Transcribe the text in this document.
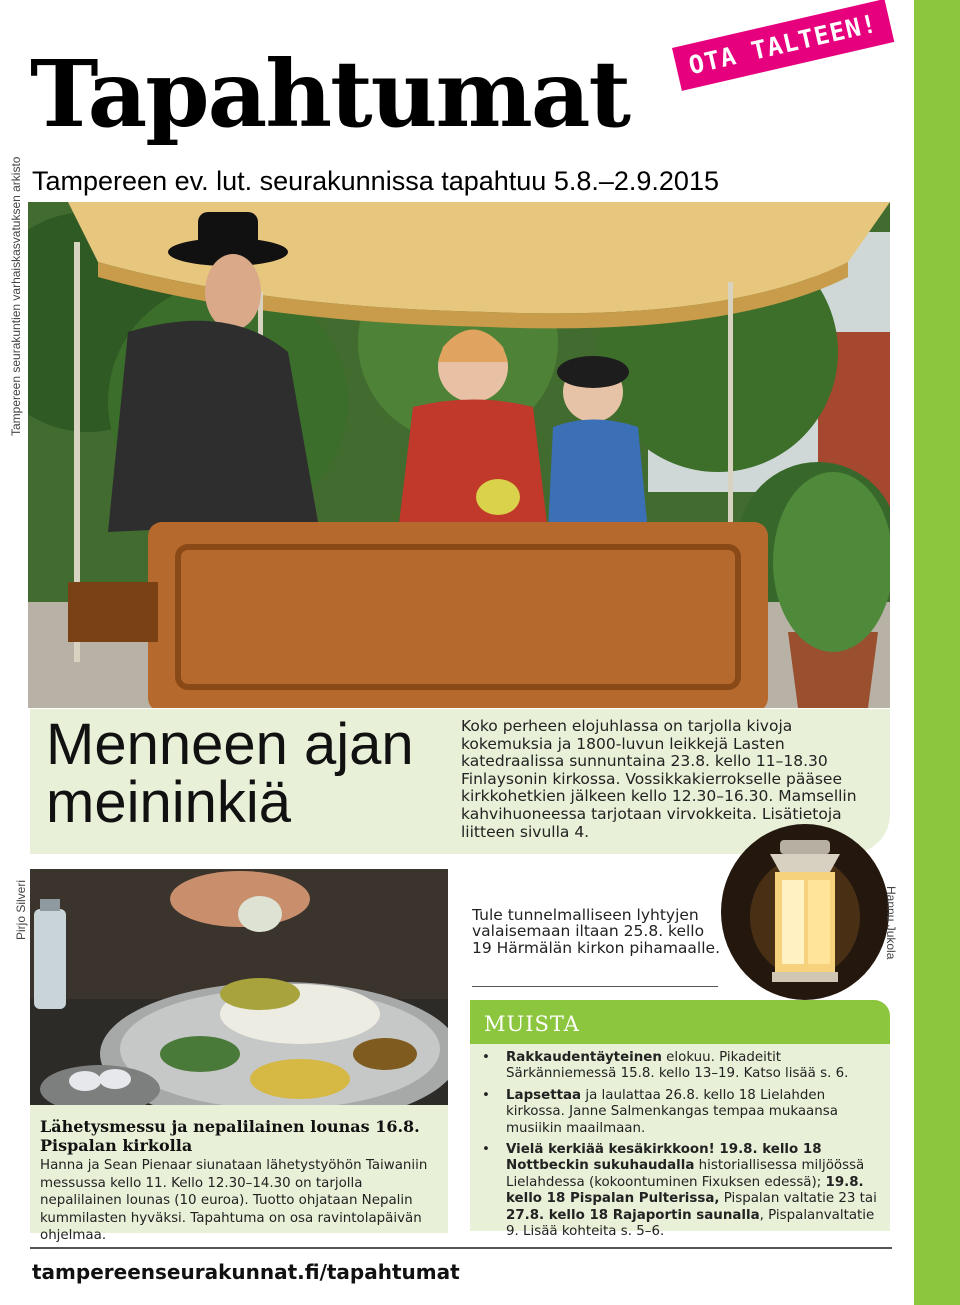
Tapahtumat	OTA TALTEEN!
Tampereen ev. lut. seurakunnissa tapahtuu 5.8.–2.9.2015
Tampereen seurakuntien varhaiskasvatuksen arkisto
Menneen ajan meininkiä

Koko perheen elojuhlassa on tarjolla kivoja kokemuksia ja 1800-luvun leikkejä Lasten katedraalissa sunnuntaina 23.8. kello 11–18.30 Finlaysonin kirkossa. Vossikkakierrokselle pääsee kirkkohetkien jälkeen kello 12.30–16.30. Mamsellin kahvihuoneessa tarjotaan virvokkeita. Lisätietoja liitteen sivulla 4.

Pirjo Silveri
Lähetysmessu ja nepalilainen lounas 16.8. Pispalan kirkolla

Hanna ja Sean Pienaar siunataan lähetystyöhön Taiwaniin messussa kello 11. Kello 12.30–14.30 on tarjolla nepalilainen lounas (10 euroa). Tuotto ohjataan Nepalin kummilasten hyväksi. Tapahtuma on osa ravintolapäivän ohjelmaa.

Tule tunnelmalliseen lyhtyjen valaisemaan iltaan 25.8. kello 19 Härmälän kirkon pihamaalle.	Hannu Jukola
MUISTA
• Rakkaudentäyteinen elokuu. Pikadeitit Särkänniemessä 15.8. kello 13–19. Katso lisää s. 6.
• Lapsettaa ja laulattaa 26.8. kello 18 Lielahden kirkossa. Janne Salmenkangas tempaa mukaansa musiikin maailmaan.
• Vielä kerkiää kesäkirkkoon! 19.8. kello 18 Nottbeckin sukuhaudalla historiallisessa miljöössä Lielahdessa (kokoontuminen Fixuksen edessä); 19.8. kello 18 Pispalan Pulterissa, Pispalan valtatie 23 tai 27.8. kello 18 Rajaportin saunalla, Pispalanvaltatie 9. Lisää kohteita s. 5–6.
tampereenseurakunnat.fi/tapahtumat
